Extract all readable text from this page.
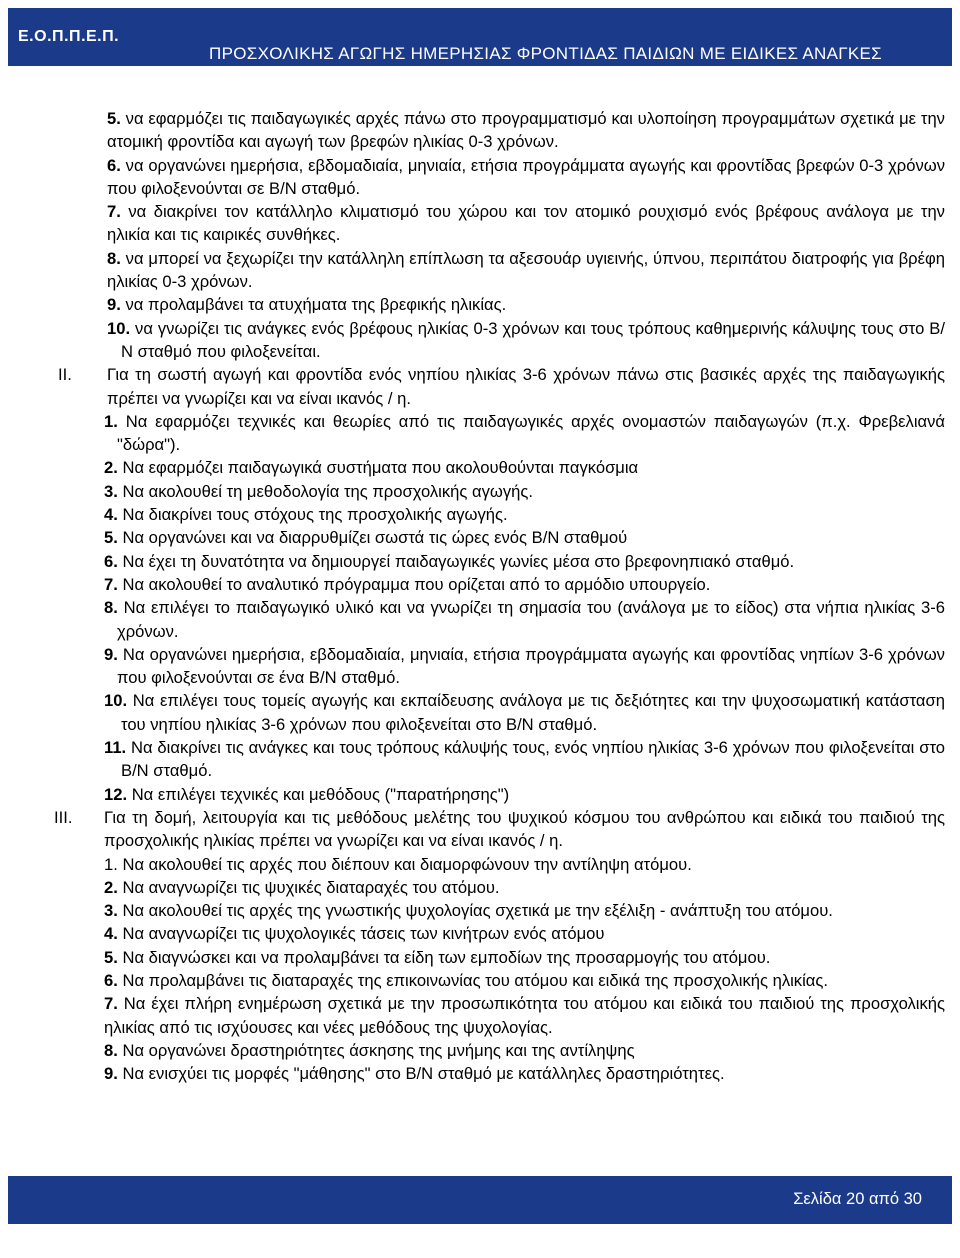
Ε.Ο.Π.Π.Ε.Π.
ΠΡΟΣΧΟΛΙΚΗΣ ΑΓΩΓΗΣ ΗΜΕΡΗΣΙΑΣ ΦΡΟΝΤΙΔΑΣ ΠΑΙΔΙΩΝ ΜΕ ΕΙΔΙΚΕΣ ΑΝΑΓΚΕΣ

5. να εφαρμόζει τις παιδαγωγικές αρχές πάνω στο προγραμματισμό και υλοποίηση προγραμμάτων σχετικά με την ατομική φροντίδα και αγωγή των βρεφών ηλικίας 0-3 χρόνων.

6. να οργανώνει ημερήσια, εβδομαδιαία, μηνιαία, ετήσια προγράμματα αγωγής και φροντίδας βρεφών 0-3 χρόνων που φιλοξενούνται σε Β/Ν σταθμό.

7. να διακρίνει τον κατάλληλο κλιματισμό του χώρου και τον ατομικό ρουχισμό ενός βρέφους ανάλογα με την ηλικία και τις καιρικές συνθήκες.

8. να μπορεί να ξεχωρίζει την κατάλληλη επίπλωση τα αξεσουάρ υγιεινής, ύπνου, περιπάτου διατροφής για βρέφη ηλικίας 0-3 χρόνων.

9. να προλαμβάνει τα ατυχήματα της βρεφικής ηλικίας.

10. να γνωρίζει τις ανάγκες ενός βρέφους ηλικίας 0-3 χρόνων και τους τρόπους καθημερινής κάλυψης τους στο Β/Ν σταθμό που φιλοξενείται.

II. Για τη σωστή αγωγή και φροντίδα ενός νηπίου ηλικίας 3-6 χρόνων πάνω στις βασικές αρχές της παιδαγωγικής πρέπει να γνωρίζει και να είναι ικανός / η.

1. Να εφαρμόζει τεχνικές και θεωρίες από τις παιδαγωγικές αρχές ονομαστών παιδαγωγών (π.χ. Φρεβελιανά "δώρα").

2. Να εφαρμόζει παιδαγωγικά συστήματα που ακολουθούνται παγκόσμια

3. Να ακολουθεί τη μεθοδολογία της προσχολικής αγωγής.

4. Να διακρίνει τους στόχους της προσχολικής αγωγής.

5. Να οργανώνει και να διαρρυθμίζει σωστά τις ώρες ενός Β/Ν σταθμού

6. Να έχει τη δυνατότητα να δημιουργεί παιδαγωγικές γωνίες μέσα στο βρεφονηπιακό σταθμό.

7. Να ακολουθεί το αναλυτικό πρόγραμμα που ορίζεται από το αρμόδιο υπουργείο.

8. Να επιλέγει το παιδαγωγικό υλικό και να γνωρίζει τη σημασία του (ανάλογα με το είδος) στα νήπια ηλικίας 3-6 χρόνων.

9. Να οργανώνει ημερήσια, εβδομαδιαία, μηνιαία, ετήσια προγράμματα αγωγής και φροντίδας νηπίων 3-6 χρόνων που φιλοξενούνται σε ένα Β/Ν σταθμό.

10. Να επιλέγει τους τομείς αγωγής και εκπαίδευσης ανάλογα με τις δεξιότητες και την ψυχοσωματική κατάσταση του νηπίου ηλικίας 3-6 χρόνων που φιλοξενείται στο Β/Ν σταθμό.

11. Να διακρίνει τις ανάγκες και τους τρόπους κάλυψής τους, ενός νηπίου ηλικίας 3-6 χρόνων που φιλοξενείται στο Β/Ν σταθμό.

12. Να επιλέγει τεχνικές και μεθόδους ("παρατήρησης")

III. Για τη δομή, λειτουργία και τις μεθόδους μελέτης του ψυχικού κόσμου του ανθρώπου και ειδικά του παιδιού της προσχολικής ηλικίας πρέπει να γνωρίζει και να είναι ικανός / η.

1. Να ακολουθεί τις αρχές που διέπουν και διαμορφώνουν την αντίληψη ατόμου.

2. Να αναγνωρίζει τις ψυχικές διαταραχές του ατόμου.

3. Να ακολουθεί τις αρχές της γνωστικής ψυχολογίας σχετικά με την εξέλιξη - ανάπτυξη του ατόμου.

4. Να αναγνωρίζει τις ψυχολογικές τάσεις των κινήτρων ενός ατόμου

5. Να διαγνώσκει και να προλαμβάνει τα είδη των εμποδίων της προσαρμογής του ατόμου.

6. Να προλαμβάνει τις διαταραχές της επικοινωνίας του ατόμου και ειδικά της προσχολικής ηλικίας.

7. Να έχει πλήρη ενημέρωση σχετικά με την προσωπικότητα του ατόμου και ειδικά του παιδιού της προσχολικής ηλικίας από τις ισχύουσες και νέες μεθόδους της ψυχολογίας.

8. Να οργανώνει δραστηριότητες άσκησης της μνήμης και της αντίληψης

9. Να ενισχύει τις μορφές "μάθησης" στο Β/Ν σταθμό με κατάλληλες δραστηριότητες.

Σελίδα 20 από 30
